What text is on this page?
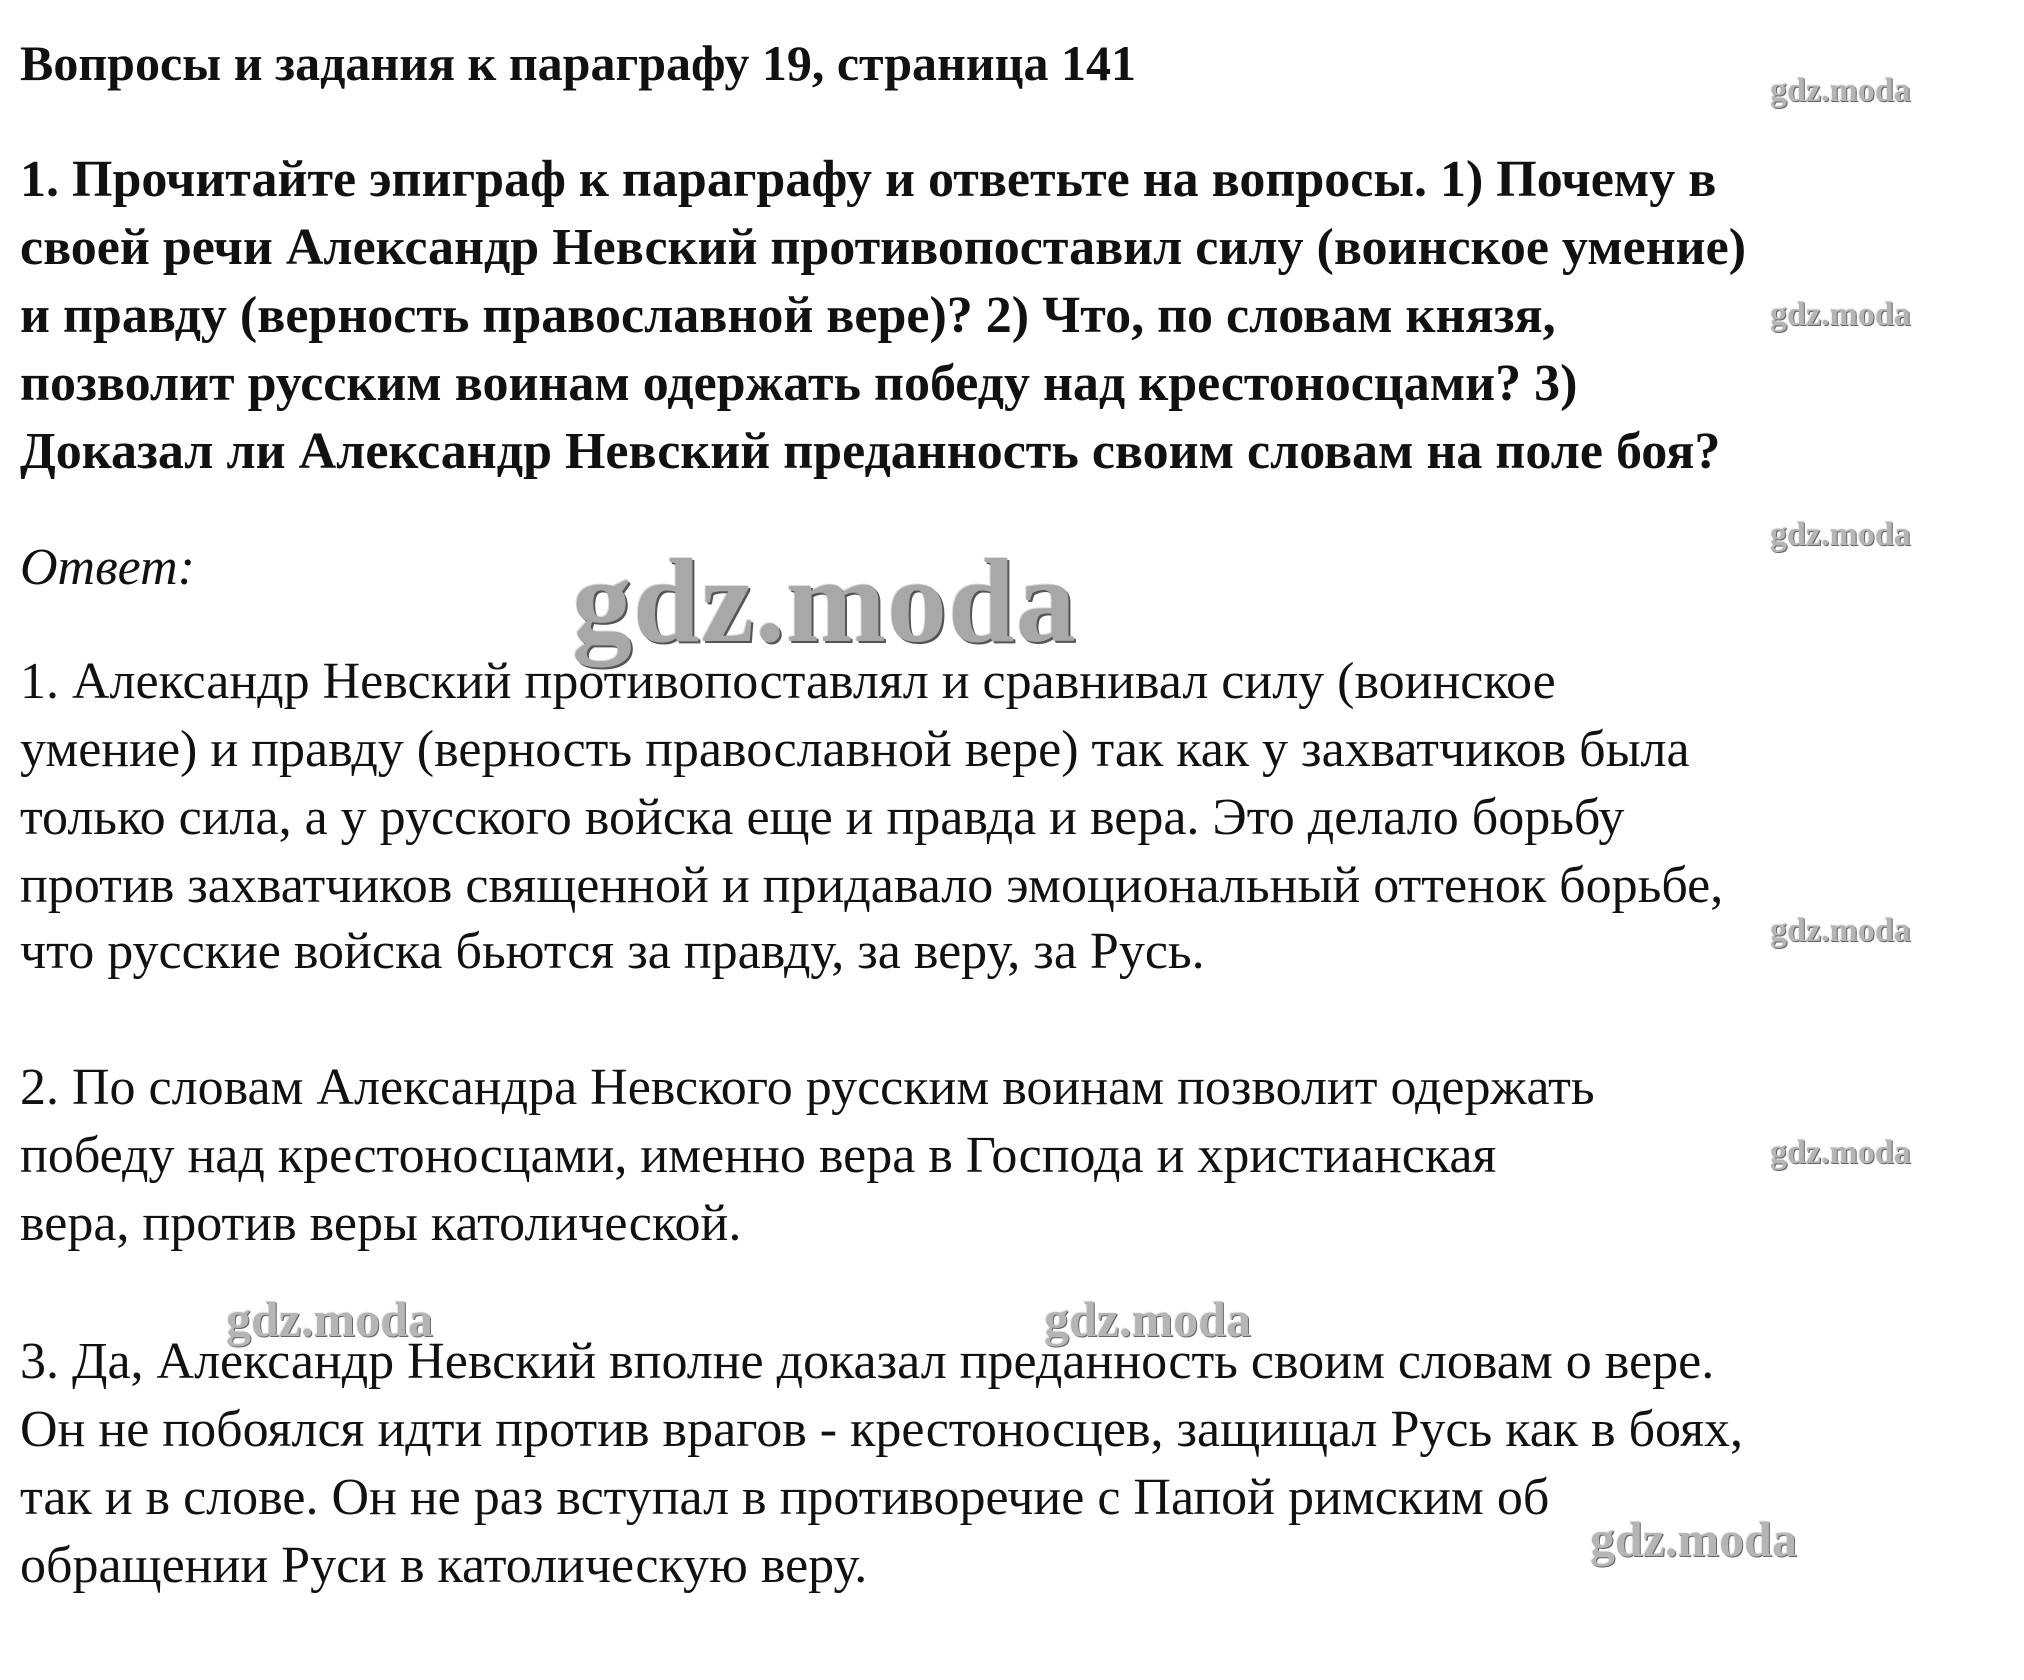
Вопросы и задания к параграфу 19, страница 141
1. Прочитайте эпиграф к параграфу и ответьте на вопросы. 1) Почему в
своей речи Александр Невский противопоставил силу (воинское умение)
и правду (верность православной вере)? 2) Что, по словам князя,
позволит русским воинам одержать победу над крестоносцами? 3)
Доказал ли Александр Невский преданность своим словам на поле боя?
Ответ:
1. Александр Невский противопоставлял и сравнивал силу (воинское
умение) и правду (верность православной вере) так как у захватчиков была
только сила, а у русского войска еще и правда и вера. Это делало борьбу
против захватчиков священной и придавало эмоциональный оттенок борьбе,
что русские войска бьются за правду, за веру, за Русь.
2. По словам Александра Невского русским воинам позволит одержать
победу над крестоносцами, именно вера в Господа и христианская
вера, против веры католической.
3. Да, Александр Невский вполне доказал преданность своим словам о вере.
Он не побоялся идти против врагов - крестоносцев, защищал Русь как в боях,
так и в слове. Он не раз вступал в противоречие с Папой римским об
обращении Руси в католическую веру.
gdz.moda
gdz.moda
gdz.moda
gdz.moda
gdz.moda
gdz.moda
gdz.moda	gdz.moda
gdz.moda
